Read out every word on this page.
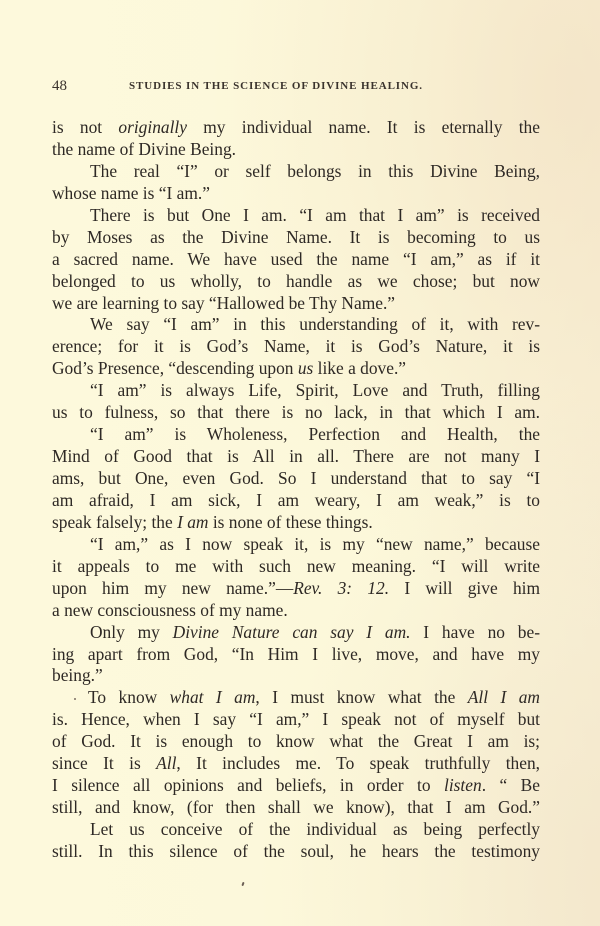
48	STUDIES IN THE SCIENCE OF DIVINE HEALING.
is not originally my individual name. It is eternally the
the name of Divine Being.
The real “I” or self belongs in this Divine Being,
whose name is “I am.”
There is but One I am. “I am that I am” is received
by Moses as the Divine Name. It is becoming to us
a sacred name. We have used the name “I am,” as if it
belonged to us wholly, to handle as we chose; but now
we are learning to say “Hallowed be Thy Name.”
We say “I am” in this understanding of it, with rev-
erence; for it is God’s Name, it is God’s Nature, it is
God’s Presence, “descending upon us like a dove.”
“I am” is always Life, Spirit, Love and Truth, filling
us to fulness, so that there is no lack, in that which I am.
“I am” is Wholeness, Perfection and Health, the
Mind of Good that is All in all. There are not many I
ams, but One, even God. So I understand that to say “I
am afraid, I am sick, I am weary, I am weak,” is to
speak falsely; the I am is none of these things.
“I am,” as I now speak it, is my “new name,” because
it appeals to me with such new meaning. “I will write
upon him my new name.”—Rev. 3: 12. I will give him
a new consciousness of my name.
Only my Divine Nature can say I am. I have no be-
ing apart from God, “In Him I live, move, and have my
being.”
To know what I am, I must know what the All I am
is. Hence, when I say “I am,” I speak not of myself but
of God. It is enough to know what the Great I am is;
since It is All, It includes me. To speak truthfully then,
I silence all opinions and beliefs, in order to listen. “ Be
still, and know, (for then shall we know), that I am God.”
Let us conceive of the individual as being perfectly
still. In this silence of the soul, he hears the testimony
